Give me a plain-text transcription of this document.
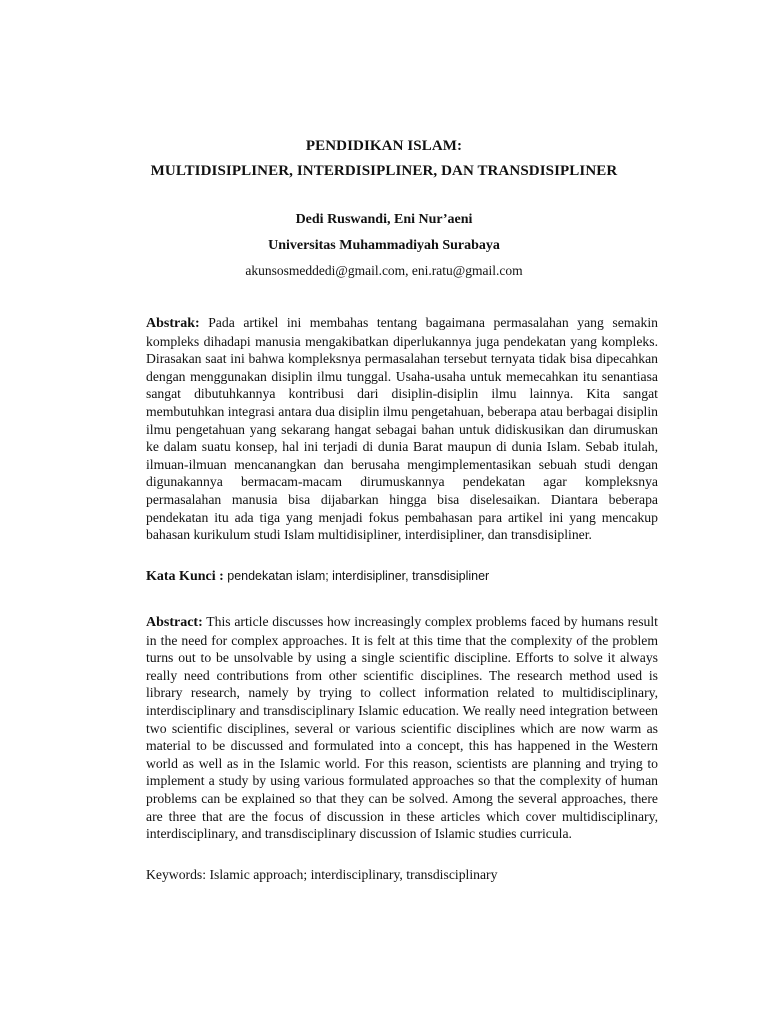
PENDIDIKAN ISLAM:
MULTIDISIPLINER, INTERDISIPLINER, DAN TRANSDISIPLINER
Dedi Ruswandi, Eni Nur’aeni
Universitas Muhammadiyah Surabaya
akunsosmeddedi@gmail.com, eni.ratu@gmail.com
Abstrak: Pada artikel ini membahas tentang bagaimana permasalahan yang semakin kompleks dihadapi manusia mengakibatkan diperlukannya juga pendekatan yang kompleks. Dirasakan saat ini bahwa kompleksnya permasalahan tersebut ternyata tidak bisa dipecahkan dengan menggunakan disiplin ilmu tunggal. Usaha-usaha untuk memecahkan itu senantiasa sangat dibutuhkannya kontribusi dari disiplin-disiplin ilmu lainnya. Kita sangat membutuhkan integrasi antara dua disiplin ilmu pengetahuan, beberapa atau berbagai disiplin ilmu pengetahuan yang sekarang hangat sebagai bahan untuk didiskusikan dan dirumuskan ke dalam suatu konsep, hal ini terjadi di dunia Barat maupun di dunia Islam. Sebab itulah, ilmuan-ilmuan mencanangkan dan berusaha mengimplementasikan sebuah studi dengan digunakannya bermacam-macam dirumuskannya pendekatan agar kompleksnya permasalahan manusia bisa dijabarkan hingga bisa diselesaikan. Diantara beberapa pendekatan itu ada tiga yang menjadi fokus pembahasan para artikel ini yang mencakup bahasan kurikulum studi Islam multidisipliner, interdisipliner, dan transdisipliner.
Kata Kunci : pendekatan islam; interdisipliner, transdisipliner
Abstract: This article discusses how increasingly complex problems faced by humans result in the need for complex approaches. It is felt at this time that the complexity of the problem turns out to be unsolvable by using a single scientific discipline. Efforts to solve it always really need contributions from other scientific disciplines. The research method used is library research, namely by trying to collect information related to multidisciplinary, interdisciplinary and transdisciplinary Islamic education. We really need integration between two scientific disciplines, several or various scientific disciplines which are now warm as material to be discussed and formulated into a concept, this has happened in the Western world as well as in the Islamic world. For this reason, scientists are planning and trying to implement a study by using various formulated approaches so that the complexity of human problems can be explained so that they can be solved. Among the several approaches, there are three that are the focus of discussion in these articles which cover multidisciplinary, interdisciplinary, and transdisciplinary discussion of Islamic studies curricula.
Keywords: Islamic approach; interdisciplinary, transdisciplinary
